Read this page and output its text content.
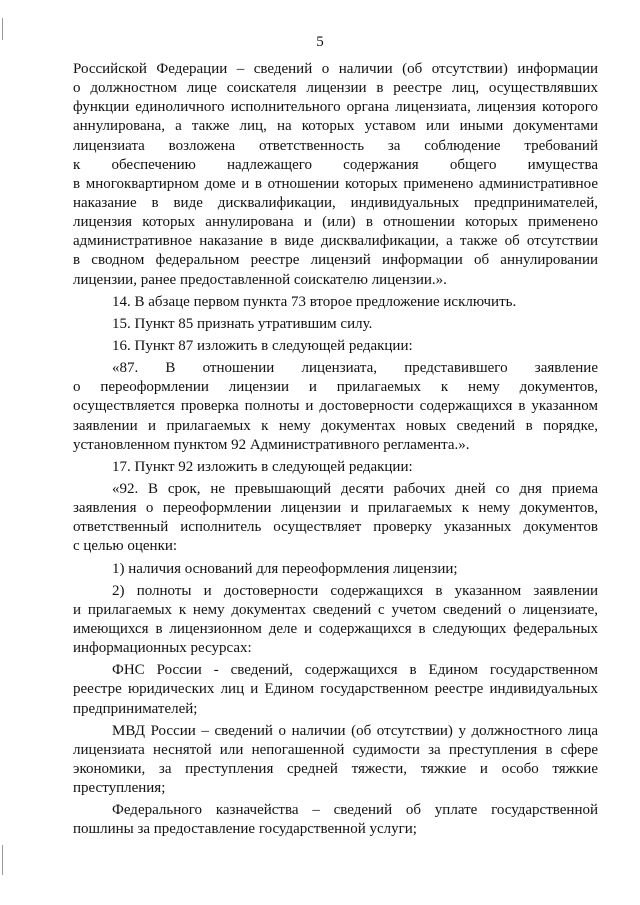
5
Российской Федерации – сведений о наличии (об отсутствии) информации
о должностном лице соискателя лицензии в реестре лиц, осуществлявших
функции единоличного исполнительного органа лицензиата, лицензия которого
аннулирована, а также лиц, на которых уставом или иными документами
лицензиата возложена ответственность за соблюдение требований
к обеспечению надлежащего содержания общего имущества
в многоквартирном доме и в отношении которых применено административное
наказание в виде дисквалификации, индивидуальных предпринимателей,
лицензия которых аннулирована и (или) в отношении которых применено
административное наказание в виде дисквалификации, а также об отсутствии
в сводном федеральном реестре лицензий информации об аннулировании
лицензии, ранее предоставленной соискателю лицензии.».
14. В абзаце первом пункта 73 второе предложение исключить.
15. Пункт 85 признать утратившим силу.
16. Пункт 87 изложить в следующей редакции:
«87. В отношении лицензиата, представившего заявление
о переоформлении лицензии и прилагаемых к нему документов,
осуществляется проверка полноты и достоверности содержащихся в указанном
заявлении и прилагаемых к нему документах новых сведений в порядке,
установленном пунктом 92 Административного регламента.».
17. Пункт 92 изложить в следующей редакции:
«92. В срок, не превышающий десяти рабочих дней со дня приема
заявления о переоформлении лицензии и прилагаемых к нему документов,
ответственный исполнитель осуществляет проверку указанных документов
с целью оценки:
1) наличия оснований для переоформления лицензии;
2) полноты и достоверности содержащихся в указанном заявлении
и прилагаемых к нему документах сведений с учетом сведений о лицензиате,
имеющихся в лицензионном деле и содержащихся в следующих федеральных
информационных ресурсах:
ФНС России - сведений, содержащихся в Едином государственном
реестре юридических лиц и Едином государственном реестре индивидуальных
предпринимателей;
МВД России – сведений о наличии (об отсутствии) у должностного лица
лицензиата неснятой или непогашенной судимости за преступления в сфере
экономики, за преступления средней тяжести, тяжкие и особо тяжкие
преступления;
Федерального казначейства – сведений об уплате государственной
пошлины за предоставление государственной услуги;
